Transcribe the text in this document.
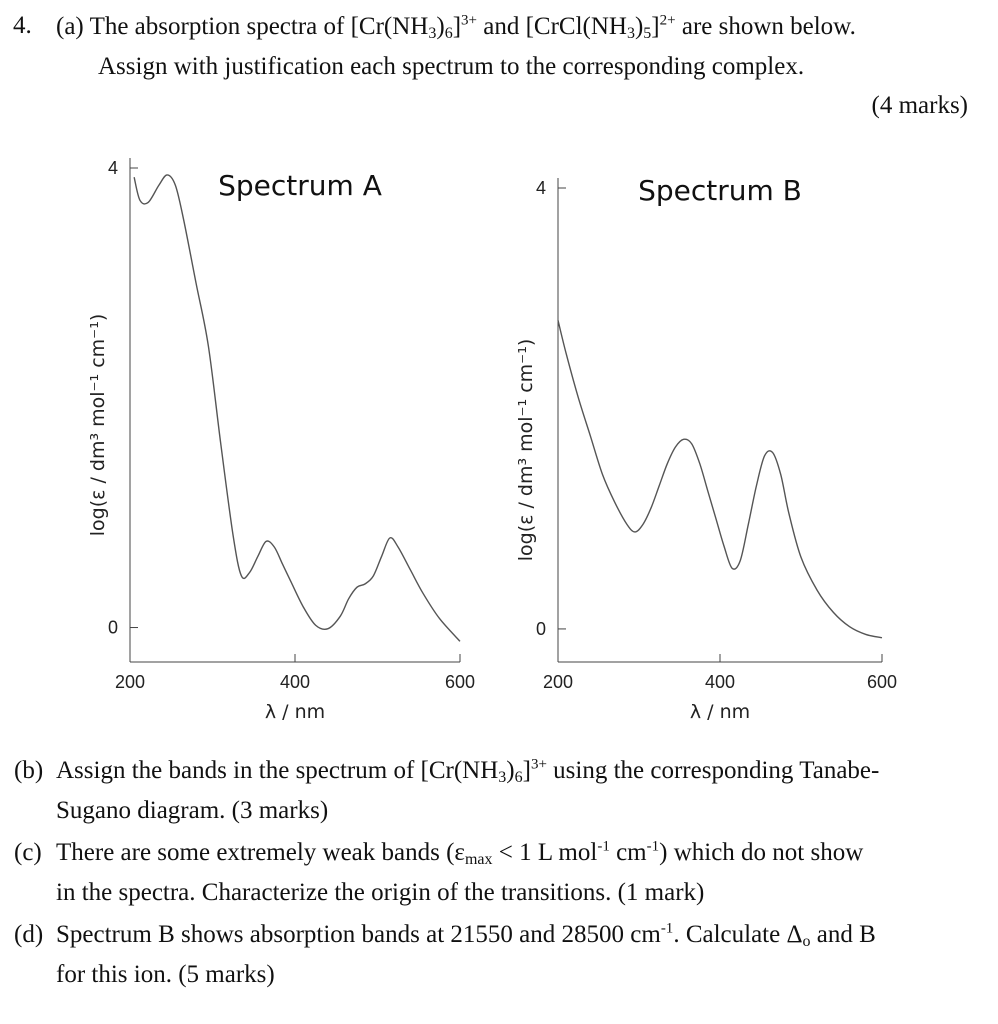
4. (a) The absorption spectra of $[Cr(NH3)6]^{3+}$ and [CrCl(NH3)5]$^{2+}$ are shown below.
Assign with justification each spectrum to the corresponding complex.
(4 marks)
200	400	600
0
4
Spectrum A
λ / nm
log(ε / dm³ mol⁻¹ cm⁻¹)
200	400	600
0
4	Spectrum B
λ / nm
log(ε / dm³ mol⁻¹ cm⁻¹)
(b) Assign the bands in the spectrum of $[Cr(NH3)6]^{3+}$ using the corresponding Tanabe-
Sugano diagram. (3 marks)
(c) There are some extremely weak bands (εmax < 1 L mol$^{-1}$ $cm^{-1}$) which do not show
in the spectra. Characterize the origin of the transitions. (1 mark)
(d) Spectrum B shows absorption bands at 21550 and 28500 $cm^{-1}$. Calculate Δo and B
for this ion. (5 marks)
